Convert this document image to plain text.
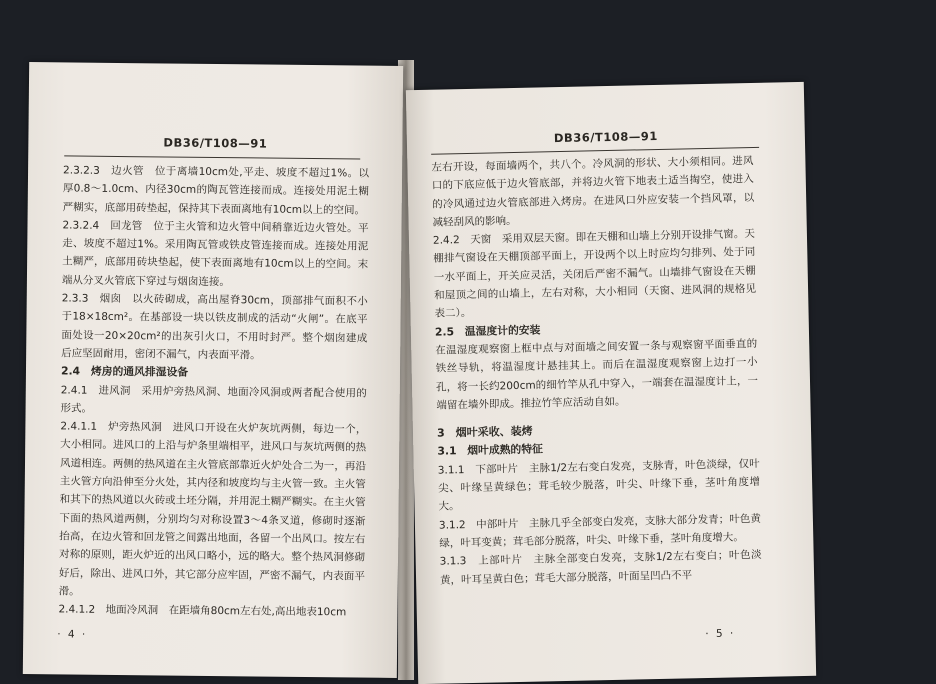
DB36/T108—91

2.3.2.3　边火管　位于离墙10cm处,平走、坡度不超过1%。以厚0.8～1.0cm、内径30cm的陶瓦管连接而成。连接处用泥土糊严糊实，底部用砖垫起，保持其下表面离地有10cm以上的空间。

2.3.2.4　回龙管　位于主火管和边火管中间稍靠近边火管处。平走、坡度不超过1%。采用陶瓦管或铁皮管连接而成。连接处用泥土糊严，底部用砖块垫起，使下表面离地有10cm以上的空间。末端从分叉火管底下穿过与烟囱连接。

2.3.3　烟囱　以火砖砌成，高出屋脊30cm，顶部排气面积不小于18×18cm²。在基部设一块以铁皮制成的活动“火闸”。在底平面处设一20×20cm²的出灰引火口，不用时封严。整个烟囱建成后应坚固耐用，密闭不漏气，内表面平滑。

2.4　烤房的通风排湿设备

2.4.1　进风洞　采用炉旁热风洞、地面冷风洞或两者配合使用的形式。

2.4.1.1　炉旁热风洞　进风口开设在火炉灰坑两侧，每边一个，大小相同。进风口的上沿与炉条里端相平，进风口与灰坑两侧的热风道相连。两侧的热风道在主火管底部靠近火炉处合二为一，再沿主火管方向沿伸至分火处，其内径和坡度均与主火管一致。主火管和其下的热风道以火砖或土坯分隔，并用泥土糊严糊实。在主火管下面的热风道两侧，分别均匀对称设置3～4条叉道，修砌时逐渐抬高，在边火管和回龙管之间露出地面，各留一个出风口。按左右对称的原则，距火炉近的出风口略小，远的略大。整个热风洞修砌好后，除出、进风口外，其它部分应牢固，严密不漏气，内表面平滑。

2.4.1.2　地面冷风洞　在距墙角80cm左右处,高出地表10cm

· 4 ·
DB36/T108—91

左右开设，每面墙两个，共八个。冷风洞的形状、大小须相同。进风口的下底应低于边火管底部，并将边火管下地表土适当掏空，使进入的冷风通过边火管底部进入烤房。在进风口外应安装一个挡风罩，以减轻刮风的影响。

2.4.2　天窗　采用双层天窗。即在天棚和山墙上分别开设排气窗。天棚排气窗设在天棚顶部平面上，开设两个以上时应均匀排列、处于同一水平面上，开关应灵活，关闭后严密不漏气。山墙排气窗设在天棚和屋顶之间的山墙上，左右对称，大小相同（天窗、进风洞的规格见表二）。

2.5　温湿度计的安装

在温湿度观察窗上框中点与对面墙之间安置一条与观察窗平面垂直的铁丝导轨，将温湿度计悬挂其上。而后在温湿度观察窗上边打一小孔，将一长约200cm的细竹竿从孔中穿入，一端套在温湿度计上，一端留在墙外即成。推拉竹竿应活动自如。

3　烟叶采收、装烤
3.1　烟叶成熟的特征

3.1.1　下部叶片　主脉1/2左右变白发亮，支脉青，叶色淡绿，仅叶尖、叶缘呈黄绿色；茸毛较少脱落，叶尖、叶缘下垂，茎叶角度增大。

3.1.2　中部叶片　主脉几乎全部变白发亮，支脉大部分发青；叶色黄绿，叶耳变黄；茸毛部分脱落，叶尖、叶缘下垂，茎叶角度增大。

3.1.3　上部叶片　主脉全部变白发亮，支脉1/2左右变白；叶色淡黄，叶耳呈黄白色；茸毛大部分脱落，叶面呈凹凸不平

· 5 ·
